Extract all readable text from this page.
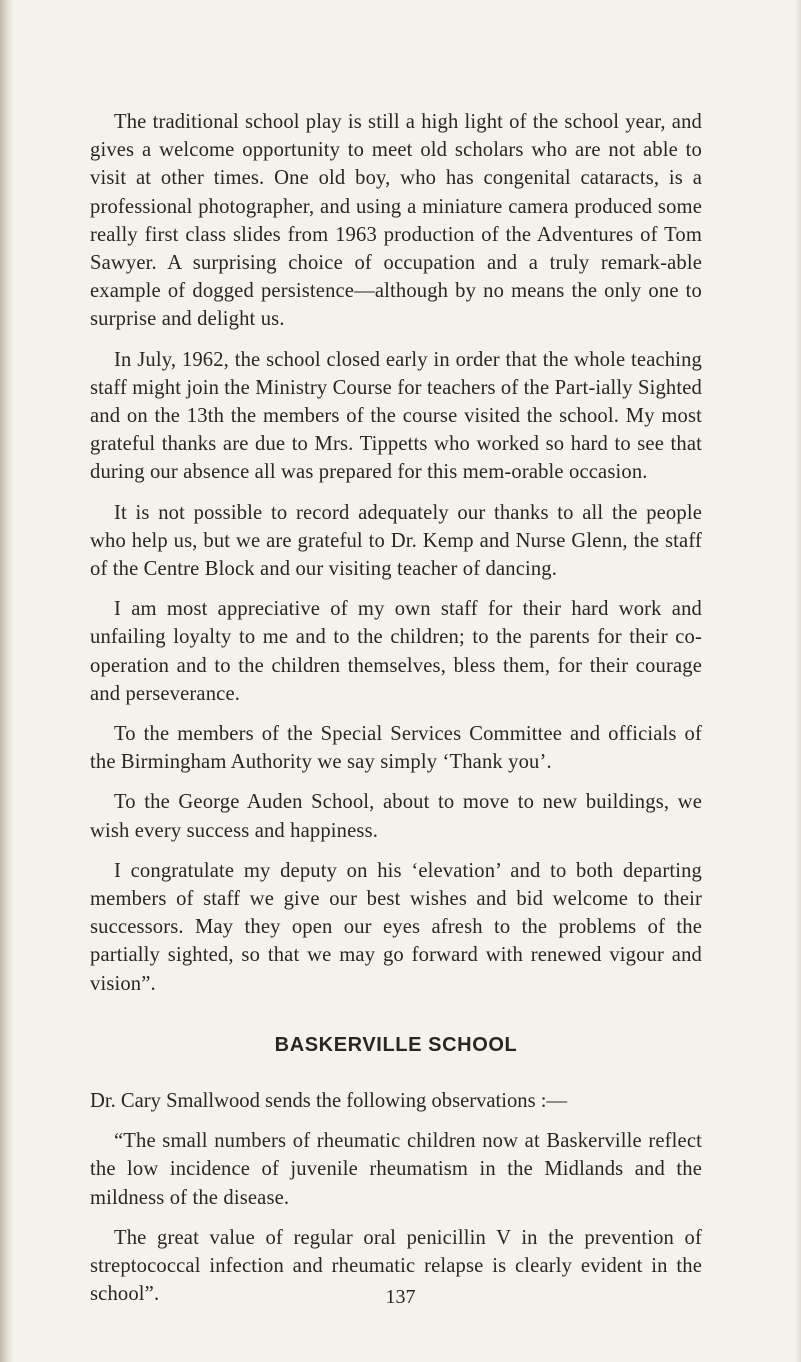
The traditional school play is still a high light of the school year, and gives a welcome opportunity to meet old scholars who are not able to visit at other times. One old boy, who has congenital cataracts, is a professional photographer, and using a miniature camera produced some really first class slides from 1963 production of the Adventures of Tom Sawyer. A surprising choice of occupation and a truly remark-able example of dogged persistence—although by no means the only one to surprise and delight us.

In July, 1962, the school closed early in order that the whole teaching staff might join the Ministry Course for teachers of the Part-ially Sighted and on the 13th the members of the course visited the school. My most grateful thanks are due to Mrs. Tippetts who worked so hard to see that during our absence all was prepared for this mem-orable occasion.

It is not possible to record adequately our thanks to all the people who help us, but we are grateful to Dr. Kemp and Nurse Glenn, the staff of the Centre Block and our visiting teacher of dancing.

I am most appreciative of my own staff for their hard work and unfailing loyalty to me and to the children; to the parents for their co-operation and to the children themselves, bless them, for their courage and perseverance.

To the members of the Special Services Committee and officials of the Birmingham Authority we say simply ‘Thank you’.

To the George Auden School, about to move to new buildings, we wish every success and happiness.

I congratulate my deputy on his ‘elevation’ and to both departing members of staff we give our best wishes and bid welcome to their successors. May they open our eyes afresh to the problems of the partially sighted, so that we may go forward with renewed vigour and vision”.

BASKERVILLE SCHOOL

Dr. Cary Smallwood sends the following observations :—

“The small numbers of rheumatic children now at Baskerville reflect the low incidence of juvenile rheumatism in the Midlands and the mildness of the disease.

The great value of regular oral penicillin V in the prevention of streptococcal infection and rheumatic relapse is clearly evident in the school”.	137
